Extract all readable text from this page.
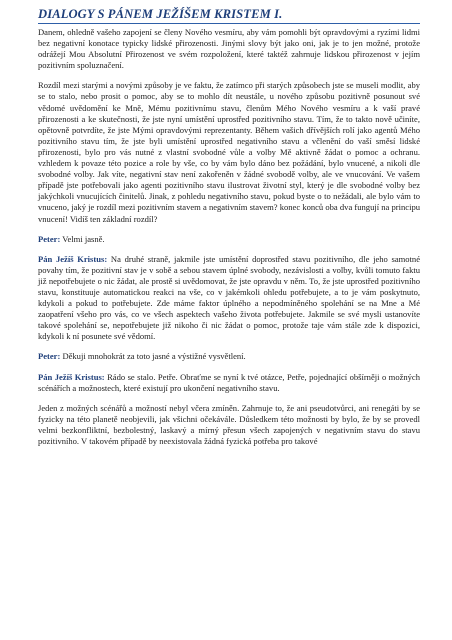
DIALOGY S PÁNEM JEŽÍŠEM KRISTEM I.

Danem, ohledně vašeho zapojení se členy Nového vesmíru, aby vám pomohli být opravdovými a ryzími lidmi bez negativní konotace typicky lidské přirozenosti. Jinými slovy být jako oni, jak je to jen možné, protože odrážejí Mou Absolutní Přirozenost ve svém rozpoložení, které taktéž zahrnuje lidskou přirozenost v jejím pozitivním spoluznačení.

Rozdíl mezi starými a novými způsoby je ve faktu, že zatímco při starých způsobech jste se museli modlit, aby se to stalo, nebo prosit o pomoc, aby se to mohlo dít neustále, u nového způsobu pozitivně posunout své vědomé uvědomění ke Mně, Mému pozitivnímu stavu, členům Mého Nového vesmíru a k vaší pravé přirozenosti a ke skutečnosti, že jste nyní umístění uprostřed pozitivního stavu. Tím, že to takto nově učiníte, opětovně potvrdíte, že jste Mými opravdovými reprezentanty. Během vašich dřívějších rolí jako agentů Mého pozitivního stavu tím, že jste byli umístění uprostřed negativního stavu a včlenění do vaší směsí lidské přirozenosti, bylo pro vás nutné z vlastní svobodné vůle a volby Mě aktivně žádat o pomoc a ochranu. vzhledem k povaze této pozice a role by vše, co by vám bylo dáno bez požádání, bylo vnucené, a nikoli dle svobodné volby. Jak víte, negativní stav není zakořeněn v žádné svobodě volby, ale ve vnucování. Ve vašem případě jste potřebovali jako agenti pozitivního stavu ilustrovat životní styl, který je dle svobodné volby bez jakýchkoli vnucujících činitelů. Jinak, z pohledu negativního stavu, pokud byste o to nežádali, ale bylo vám to vnuceno, jaký je rozdíl mezi pozitivním stavem a negativním stavem? konec konců oba dva fungují na principu vnucení! Vidíš ten základní rozdíl?

Peter: Velmi jasně.

Pán Ježíš Kristus: Na druhé straně, jakmile jste umístění doprostřed stavu pozitivního, dle jeho samotné povahy tím, že pozitivní stav je v sobě a sebou stavem úplné svobody, nezávislosti a volby, kvůli tomuto faktu již nepotřebujete o nic žádat, ale prostě si uvědomovat, že jste opravdu v něm. To, že jste uprostřed pozitivního stavu, konstituuje automatickou reakci na vše, co v jakémkoli ohledu potřebujete, a to je vám poskytnuto, kdykoli a pokud to potřebujete. Zde máme faktor úplného a nepodmíněného spolehání se na Mne a Mé zaopatření všeho pro vás, co ve všech aspektech vašeho života potřebujete. Jakmile se své mysli ustanovíte takové spolehání se, nepotřebujete již nikoho či nic žádat o pomoc, protože taje vám stále zde k dispozici, kdykoli k ní posunete své vědomí.

Peter: Děkuji mnohokrát za toto jasné a výstižné vysvětlení.

Pán Ježíš Kristus: Rádo se stalo. Petře. Obraťme se nyní k tvé otázce, Petře, pojednající obšírněji o možných scénářích a možnostech, které existují pro ukončení negativního stavu.

Jeden z možných scénářů a možností nebyl včera zmíněn. Zahrnuje to, že ani pseudotvůrci, ani renegáti by se fyzicky na této planetě neobjevili, jak všichni očekávále. Důsledkem této možnosti by bylo, že by se provedl velmi bezkonfliktní, bezbolestný, laskavý a mírný přesun všech zapojených v negativním stavu do stavu pozitivního. V takovém případě by neexistovala žádná fyzická potřeba pro takové
